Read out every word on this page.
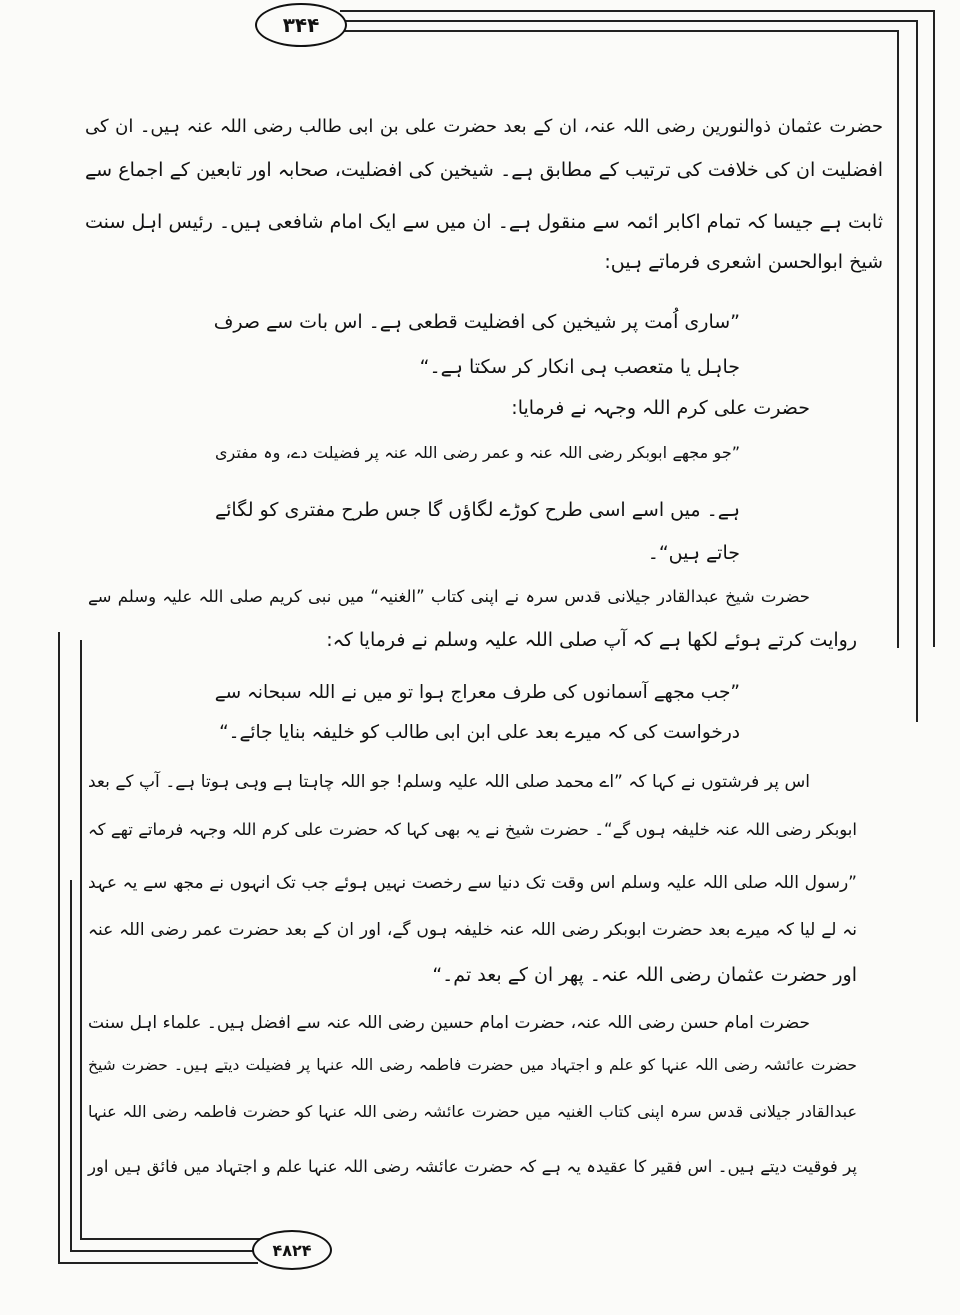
۳۴۴
۴۸۲۴
حضرت عثمان ذوالنورین رضی اللہ عنہ، ان کے بعد حضرت علی بن ابی طالب رضی اللہ عنہ ہیں۔ ان کی
افضلیت ان کی خلافت کی ترتیب کے مطابق ہے۔ شیخین کی افضلیت، صحابہ اور تابعین کے اجماع سے
ثابت ہے جیسا کہ تمام اکابر ائمہ سے منقول ہے۔ ان میں سے ایک امام شافعی ہیں۔ رئیس اہل سنت
شیخ ابوالحسن اشعری فرماتے ہیں:
”ساری اُمت پر شیخین کی افضلیت قطعی ہے۔ اس بات سے صرف
جاہل یا متعصب ہی انکار کر سکتا ہے۔“
حضرت علی کرم اللہ وجہہ نے فرمایا:
”جو مجھے ابوبکر رضی اللہ عنہ و عمر رضی اللہ عنہ پر فضیلت دے، وہ مفتری
ہے۔ میں اسے اسی طرح کوڑے لگاؤں گا جس طرح مفتری کو لگائے
جاتے ہیں“۔
حضرت شیخ عبدالقادر جیلانی قدس سرہ نے اپنی کتاب ”الغنیہ“ میں نبی کریم صلی اللہ علیہ وسلم سے
روایت کرتے ہوئے لکھا ہے کہ آپ صلی اللہ علیہ وسلم نے فرمایا کہ:
”جب مجھے آسمانوں کی طرف معراج ہوا تو میں نے اللہ سبحانہ سے
درخواست کی کہ میرے بعد علی ابن ابی طالب کو خلیفہ بنایا جائے۔“
اس پر فرشتوں نے کہا کہ ”اے محمد صلی اللہ علیہ وسلم! جو اللہ چاہتا ہے وہی ہوتا ہے۔ آپ کے بعد
ابوبکر رضی اللہ عنہ خلیفہ ہوں گے“۔ حضرت شیخ نے یہ بھی کہا کہ حضرت علی کرم اللہ وجہہ فرماتے تھے کہ
”رسول اللہ صلی اللہ علیہ وسلم اس وقت تک دنیا سے رخصت نہیں ہوئے جب تک انہوں نے مجھ سے یہ عہد
نہ لے لیا کہ میرے بعد حضرت ابوبکر رضی اللہ عنہ خلیفہ ہوں گے، اور ان کے بعد حضرت عمر رضی اللہ عنہ
اور حضرت عثمان رضی اللہ عنہ۔ پھر ان کے بعد تم۔“
حضرت امام حسن رضی اللہ عنہ، حضرت امام حسین رضی اللہ عنہ سے افضل ہیں۔ علماء اہل سنت
حضرت عائشہ رضی اللہ عنہا کو علم و اجتہاد میں حضرت فاطمہ رضی اللہ عنہا پر فضیلت دیتے ہیں۔ حضرت شیخ
عبدالقادر جیلانی قدس سرہ اپنی کتاب الغنیہ میں حضرت عائشہ رضی اللہ عنہا کو حضرت فاطمہ رضی اللہ عنہا
پر فوقیت دیتے ہیں۔ اس فقیر کا عقیدہ یہ ہے کہ حضرت عائشہ رضی اللہ عنہا علم و اجتہاد میں فائق ہیں اور
